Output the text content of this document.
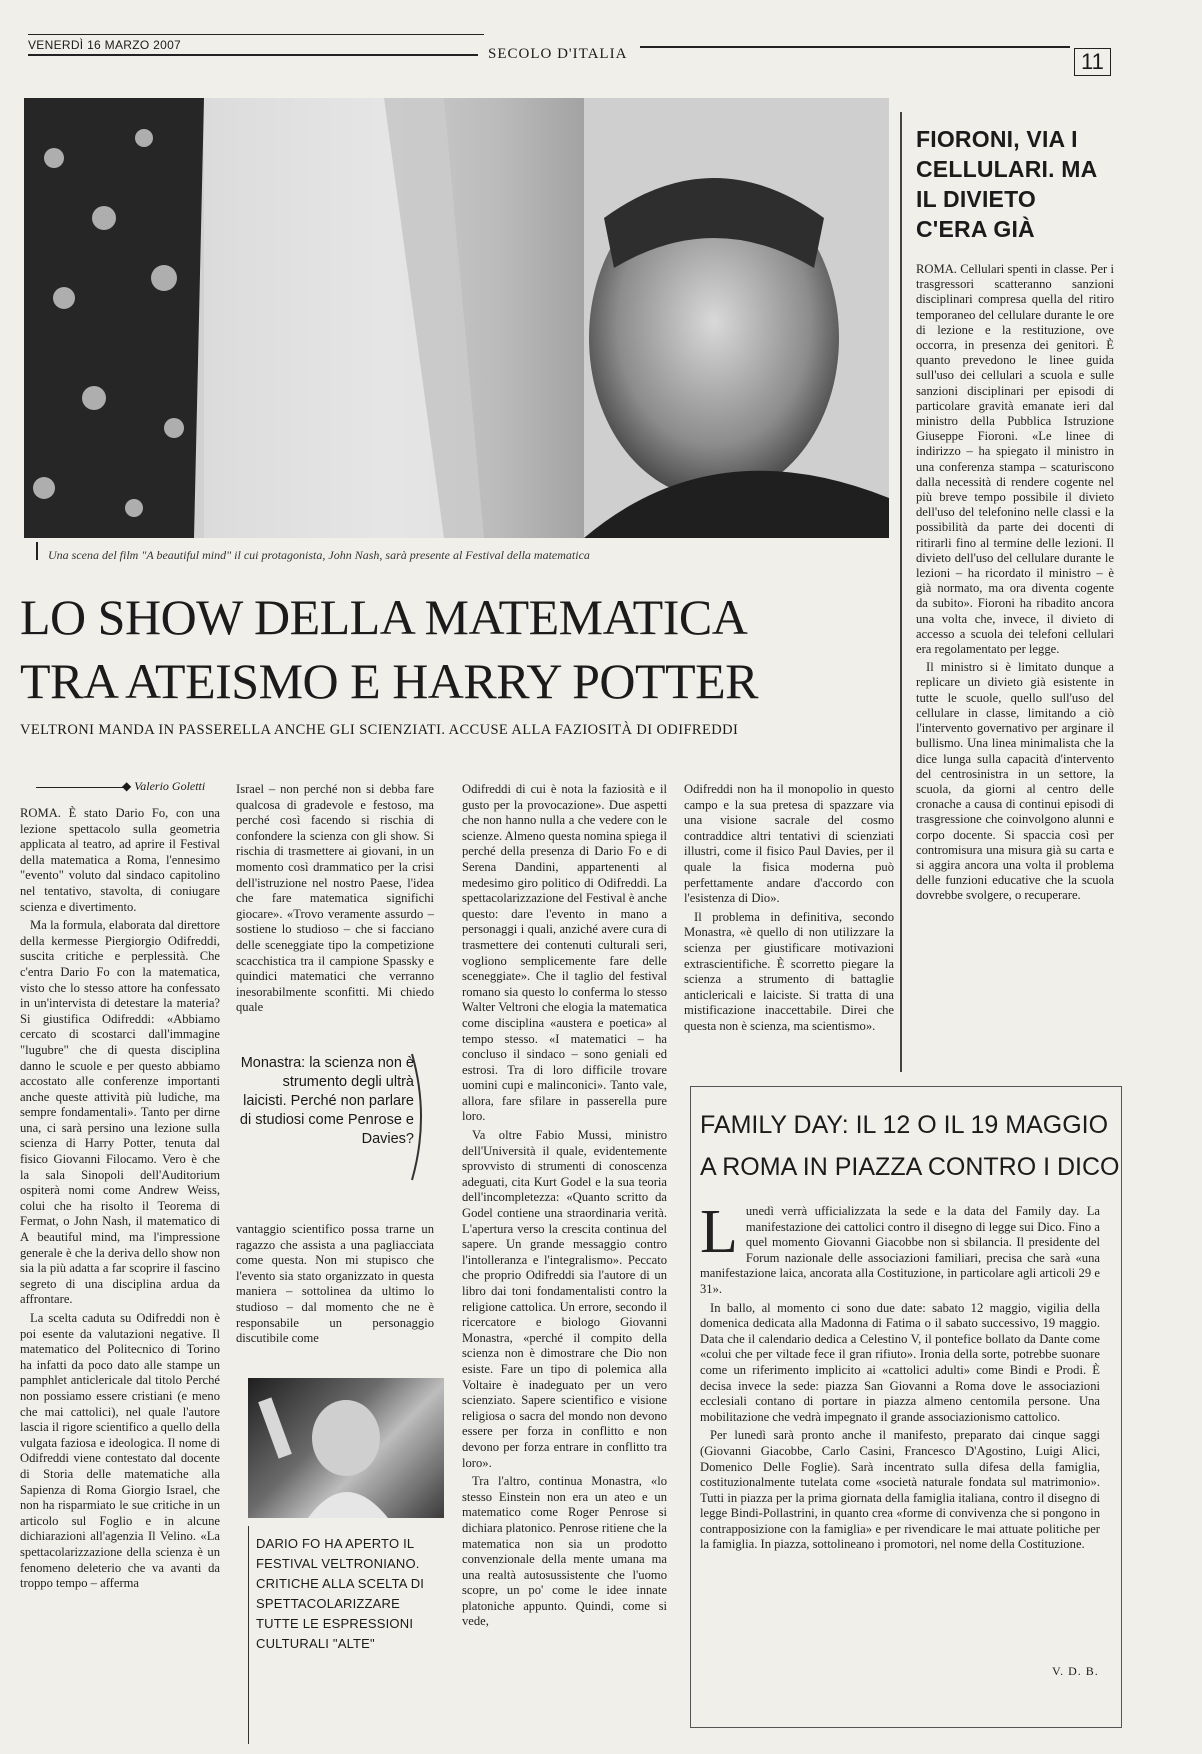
VENERDÌ 16 MARZO 2007
SECOLO D'ITALIA	11
Una scena del film "A beautiful mind" il cui protagonista, John Nash, sarà presente al Festival della matematica
LO SHOW DELLA MATEMATICA
TRA ATEISMO E HARRY POTTER
VELTRONI MANDA IN PASSERELLA ANCHE GLI SCIENZIATI. ACCUSE ALLA FAZIOSITÀ DI ODIFREDDI
◆ Valerio Goletti

ROMA. È stato Dario Fo, con una lezione spettacolo sulla geometria applicata al teatro, ad aprire il Festival della matematica a Roma, l'ennesimo "evento" voluto dal sindaco capitolino nel tentativo, stavolta, di coniugare scienza e divertimento.

Ma la formula, elaborata dal direttore della kermesse Piergiorgio Odifreddi, suscita critiche e perplessità. Che c'entra Dario Fo con la matematica, visto che lo stesso attore ha confessato in un'intervista di detestare la materia? Si giustifica Odifreddi: «Abbiamo cercato di scostarci dall'immagine "lugubre" che di questa disciplina danno le scuole e per questo abbiamo accostato alle conferenze importanti anche queste attività più ludiche, ma sempre fondamentali». Tanto per dirne una, ci sarà persino una lezione sulla scienza di Harry Potter, tenuta dal fisico Giovanni Filocamo. Vero è che la sala Sinopoli dell'Auditorium ospiterà nomi come Andrew Weiss, colui che ha risolto il Teorema di Fermat, o John Nash, il matematico di A beautiful mind, ma l'impressione generale è che la deriva dello show non sia la più adatta a far scoprire il fascino segreto di una disciplina ardua da affrontare.

La scelta caduta su Odifreddi non è poi esente da valutazioni negative. Il matematico del Politecnico di Torino ha infatti da poco dato alle stampe un pamphlet anticlericale dal titolo Perché non possiamo essere cristiani (e meno che mai cattolici), nel quale l'autore lascia il rigore scientifico a quello della vulgata faziosa e ideologica. Il nome di Odifreddi viene contestato dal docente di Storia delle matematiche alla Sapienza di Roma Giorgio Israel, che non ha risparmiato le sue critiche in un articolo sul Foglio e in alcune dichiarazioni all'agenzia Il Velino. «La spettacolarizzazione della scienza è un fenomeno deleterio che va avanti da troppo tempo – afferma

Israel – non perché non si debba fare qualcosa di gradevole e festoso, ma perché così facendo si rischia di confondere la scienza con gli show. Si rischia di trasmettere ai giovani, in un momento così drammatico per la crisi dell'istruzione nel nostro Paese, l'idea che fare matematica significhi giocare». «Trovo veramente assurdo – sostiene lo studioso – che si facciano delle sceneggiate tipo la competizione scacchistica tra il campione Spassky e quindici matematici che verranno inesorabilmente sconfitti. Mi chiedo quale

Monastra: la scienza non è strumento degli ultrà laicisti. Perché non parlare di studiosi come Penrose e Davies?

vantaggio scientifico possa trarne un ragazzo che assista a una pagliacciata come questa. Non mi stupisco che l'evento sia stato organizzato in questa maniera – sottolinea da ultimo lo studioso – dal momento che ne è responsabile un personaggio discutibile come

DARIO FO HA APERTO IL FESTIVAL VELTRONIANO. CRITICHE ALLA SCELTA DI SPETTACOLARIZZARE TUTTE LE ESPRESSIONI CULTURALI "ALTE"

Odifreddi di cui è nota la faziosità e il gusto per la provocazione». Due aspetti che non hanno nulla a che vedere con le scienze. Almeno questa nomina spiega il perché della presenza di Dario Fo e di Serena Dandini, appartenenti al medesimo giro politico di Odifreddi. La spettacolarizzazione del Festival è anche questo: dare l'evento in mano a personaggi i quali, anziché avere cura di trasmettere dei contenuti culturali seri, vogliono semplicemente fare delle sceneggiate». Che il taglio del festival romano sia questo lo conferma lo stesso Walter Veltroni che elogia la matematica come disciplina «austera e poetica» al tempo stesso. «I matematici – ha concluso il sindaco – sono geniali ed estrosi. Tra di loro difficile trovare uomini cupi e malinconici». Tanto vale, allora, fare sfilare in passerella pure loro.

Va oltre Fabio Mussi, ministro dell'Università il quale, evidentemente sprovvisto di strumenti di conoscenza adeguati, cita Kurt Godel e la sua teoria dell'incompletezza: «Quanto scritto da Godel contiene una straordinaria verità. L'apertura verso la crescita continua del sapere. Un grande messaggio contro l'intolleranza e l'integralismo». Peccato che proprio Odifreddi sia l'autore di un libro dai toni fondamentalisti contro la religione cattolica. Un errore, secondo il ricercatore e biologo Giovanni Monastra, «perché il compito della scienza non è dimostrare che Dio non esiste. Fare un tipo di polemica alla Voltaire è inadeguato per un vero scienziato. Sapere scientifico e visione religiosa o sacra del mondo non devono essere per forza in conflitto e non devono per forza entrare in conflitto tra loro».

Tra l'altro, continua Monastra, «lo stesso Einstein non era un ateo e un matematico come Roger Penrose si dichiara platonico. Penrose ritiene che la matematica non sia un prodotto convenzionale della mente umana ma una realtà autosussistente che l'uomo scopre, un po' come le idee innate platoniche appunto. Quindi, come si vede,

Odifreddi non ha il monopolio in questo campo e la sua pretesa di spazzare via una visione sacrale del cosmo contraddice altri tentativi di scienziati illustri, come il fisico Paul Davies, per il quale la fisica moderna può perfettamente andare d'accordo con l'esistenza di Dio».

Il problema in definitiva, secondo Monastra, «è quello di non utilizzare la scienza per giustificare motivazioni extrascientifiche. È scorretto piegare la scienza a strumento di battaglie anticlericali e laiciste. Si tratta di una mistificazione inaccettabile. Direi che questa non è scienza, ma scientismo».

FIORONI, VIA I CELLULARI. MA IL DIVIETO C'ERA GIÀ

ROMA. Cellulari spenti in classe. Per i trasgressori scatteranno sanzioni disciplinari compresa quella del ritiro temporaneo del cellulare durante le ore di lezione e la restituzione, ove occorra, in presenza dei genitori. È quanto prevedono le linee guida sull'uso dei cellulari a scuola e sulle sanzioni disciplinari per episodi di particolare gravità emanate ieri dal ministro della Pubblica Istruzione Giuseppe Fioroni. «Le linee di indirizzo – ha spiegato il ministro in una conferenza stampa – scaturiscono dalla necessità di rendere cogente nel più breve tempo possibile il divieto dell'uso del telefonino nelle classi e la possibilità da parte dei docenti di ritirarli fino al termine delle lezioni. Il divieto dell'uso del cellulare durante le lezioni – ha ricordato il ministro – è già normato, ma ora diventa cogente da subito». Fioroni ha ribadito ancora una volta che, invece, il divieto di accesso a scuola dei telefoni cellulari era regolamentato per legge.

Il ministro si è limitato dunque a replicare un divieto già esistente in tutte le scuole, quello sull'uso del cellulare in classe, limitando a ciò l'intervento governativo per arginare il bullismo. Una linea minimalista che la dice lunga sulla capacità d'intervento del centrosinistra in un settore, la scuola, da giorni al centro delle cronache a causa di continui episodi di trasgressione che coinvolgono alunni e corpo docente. Si spaccia così per contromisura una misura già su carta e si aggira ancora una volta il problema delle funzioni educative che la scuola dovrebbe svolgere, o recuperare.

FAMILY DAY: IL 12 O IL 19 MAGGIO
A ROMA IN PIAZZA CONTRO I DICO

Lunedì verrà ufficializzata la sede e la data del Family day. La manifestazione dei cattolici contro il disegno di legge sui Dico. Fino a quel momento Giovanni Giacobbe non si sbilancia. Il presidente del Forum nazionale delle associazioni familiari, precisa che sarà «una manifestazione laica, ancorata alla Costituzione, in particolare agli articoli 29 e 31».

In ballo, al momento ci sono due date: sabato 12 maggio, vigilia della domenica dedicata alla Madonna di Fatima o il sabato successivo, 19 maggio. Data che il calendario dedica a Celestino V, il pontefice bollato da Dante come «colui che per viltade fece il gran rifiuto». Ironia della sorte, potrebbe suonare come un riferimento implicito ai «cattolici adulti» come Bindi e Prodi. È decisa invece la sede: piazza San Giovanni a Roma dove le associazioni ecclesiali contano di portare in piazza almeno centomila persone. Una mobilitazione che vedrà impegnato il grande associazionismo cattolico.

Per lunedì sarà pronto anche il manifesto, preparato dai cinque saggi (Giovanni Giacobbe, Carlo Casini, Francesco D'Agostino, Luigi Alici, Domenico Delle Foglie). Sarà incentrato sulla difesa della famiglia, costituzionalmente tutelata come «società naturale fondata sul matrimonio». Tutti in piazza per la prima giornata della famiglia italiana, contro il disegno di legge Bindi-Pollastrini, in quanto crea «forme di convivenza che si pongono in contrapposizione con la famiglia» e per rivendicare le mai attuate politiche per la famiglia. In piazza, sottolineano i promotori, nel nome della Costituzione.

V. D. B.
